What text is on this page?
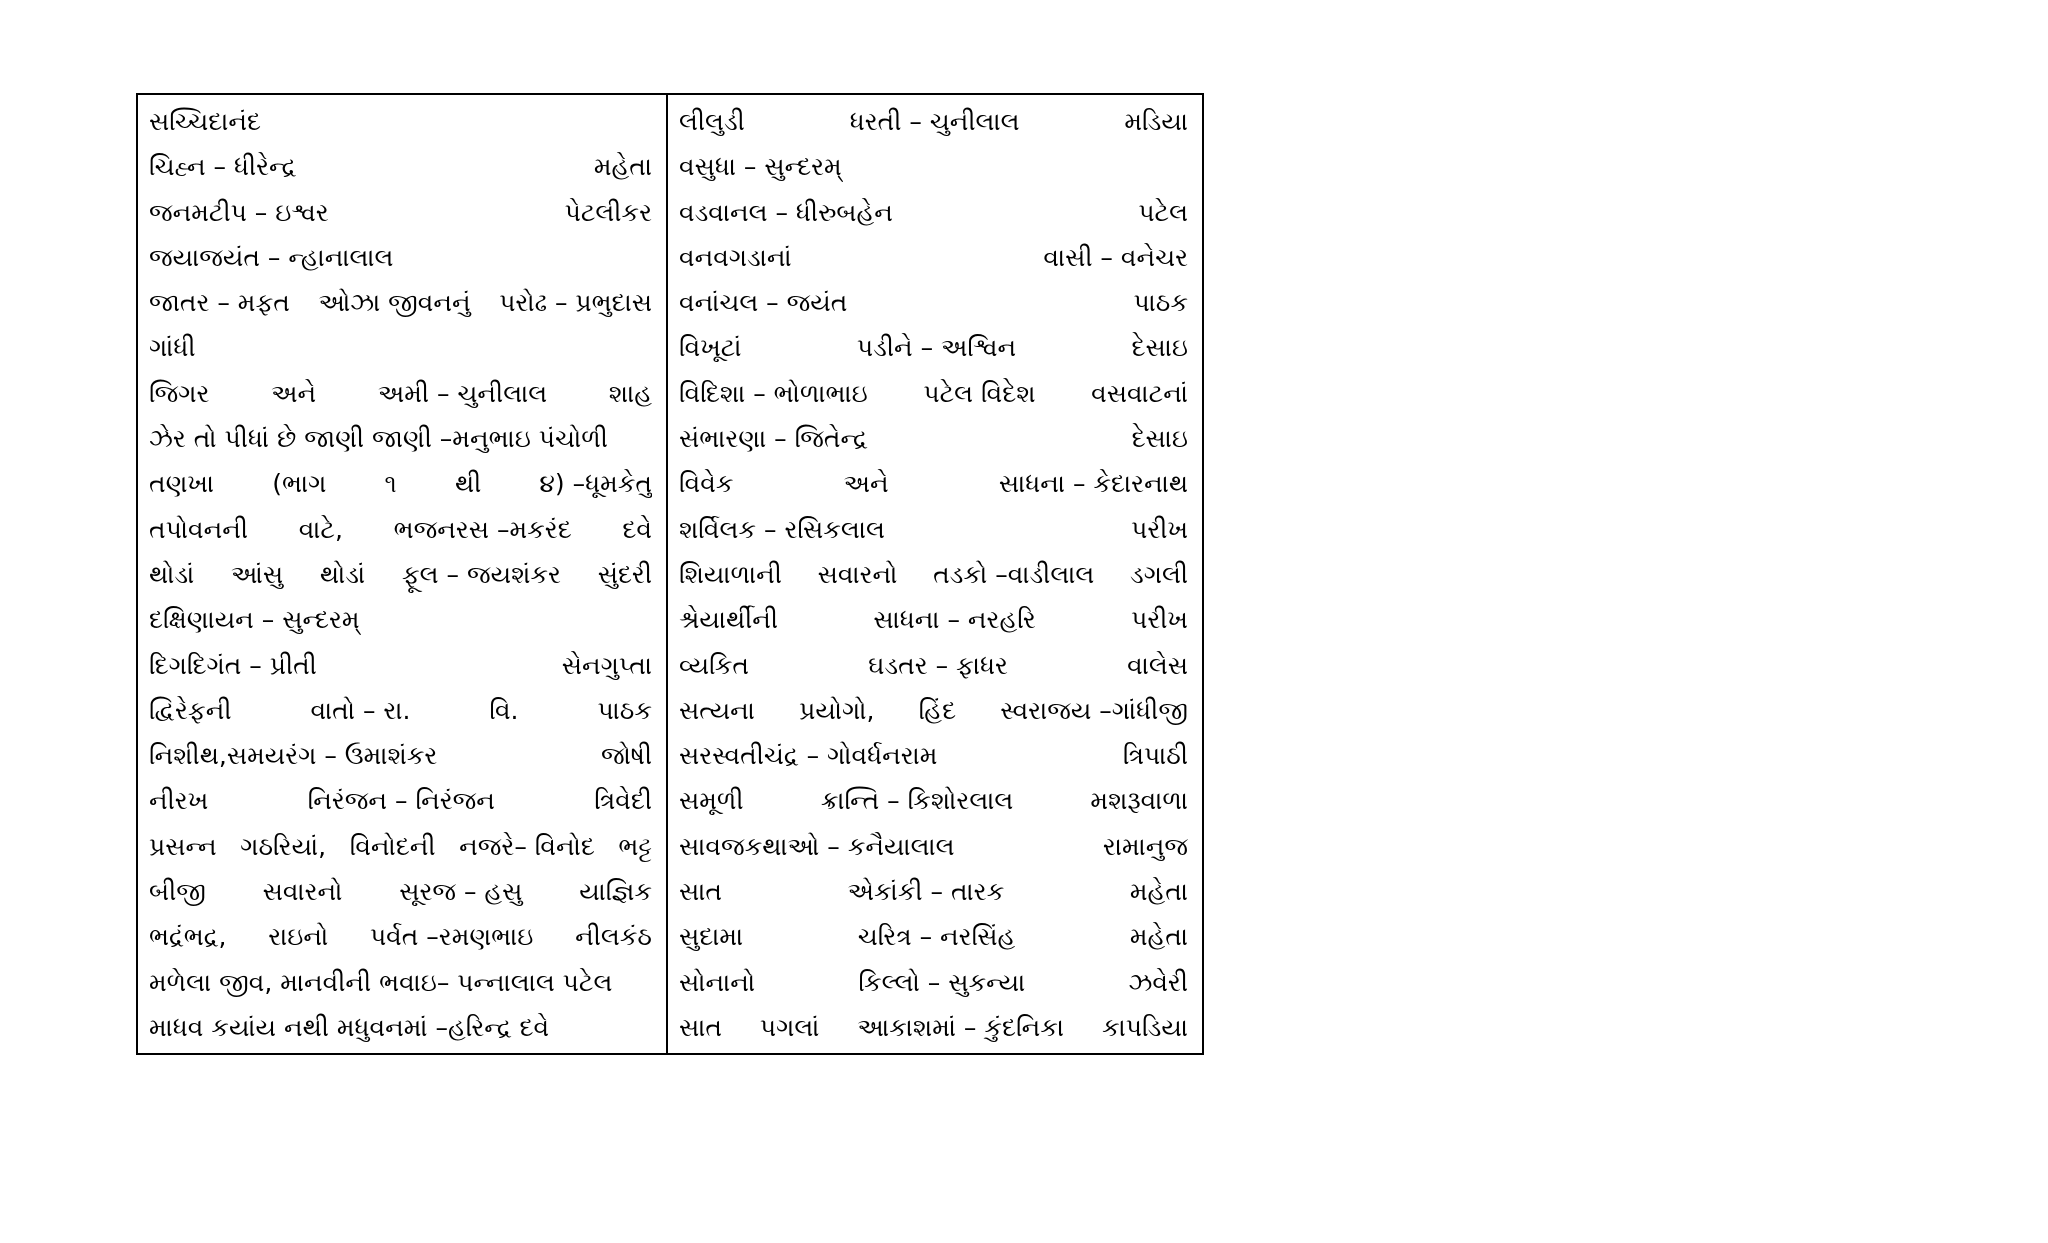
સચ્ચિદાનંદ
ચિહ્‍ન – ધીરેન્દ્ર	મહેતા
જનમટીપ – ઇશ્વર	પેટલીકર
જયાજયંત – ન્હાનાલાલ
જાતર – મફત ઓઝા જીવનનું પરોઢ – પ્રભુદાસ
ગાંધી
જિગર અને અમી – ચુનીલાલ શાહ
ઝેર તો પીધાં છે જાણી જાણી –મનુભાઇ પંચોળી
તણખા (ભાગ ૧ થી ૪) –ધૂમકેતુ
તપોવનની વાટે, ભજનરસ –મકરંદ દવે
થોડાં આંસુ થોડાં ફૂલ – જયશંકર સુંદરી
દક્ષિણાયન – સુન્દરમ્
દિગદિગંત – પ્રીતી	સેનગુપ્તા
દ્વિરેફની	વાતો – રા.	વિ.	પાઠક
નિશીથ,સમયરંગ – ઉમાશંકર	જોષી
નીરખ	નિરંજન – નિરંજન	ત્રિવેદી
પ્રસન્ન ગઠરિયાં, વિનોદની નજરે– વિનોદ ભટ્ટ
બીજી સવારનો સૂરજ – હસુ યાજ્ઞિક
ભદ્રંભદ્ર, રાઇનો પર્વત –રમણભાઇ નીલકંઠ
મળેલા જીવ, માનવીની ભવાઇ– પન્નાલાલ પટેલ
માધવ કયાંય નથી મધુવનમાં –હરિન્દ્ર દવે
લીલુડી	ધરતી – ચુનીલાલ	મડિયા
વસુધા – સુન્દરમ્
વડવાનલ – ધીરુબહેન	પટેલ
વનવગડાનાં	વાસી – વનેચર
વનાંચલ – જયંત	પાઠક
વિખૂટાં	પડીને – અશ્વિન	દેસાઇ
વિદિશા – ભોળાભાઇ પટેલ વિદેશ વસવાટનાં
સંભારણા – જિતેન્દ્ર	દેસાઇ
વિવેક	અને	સાધના – કેદારનાથ
શર્વિલક – રસિકલાલ	પરીખ
શિયાળાની સવારનો તડકો –વાડીલાલ ડગલી
શ્રેયાર્થીની	સાધના – નરહરિ	પરીખ
વ્યકિત	ઘડતર – ફાધર	વાલેસ
સત્યના પ્રયોગો, હિંદ સ્વરાજય –ગાંધીજી
સરસ્વતીચંદ્ર – ગોવર્ધનરામ	ત્રિપાઠી
સમૂળી	ક્રાન્તિ – કિશોરલાલ	મશરૂવાળા
સાવજકથાઓ – કનૈયાલાલ	રામાનુજ
સાત	એકાંકી – તારક	મહેતા
સુદામા	ચરિત્ર – નરસિંહ	મહેતા
સોનાનો	કિલ્લો – સુકન્યા	ઝવેરી
સાત પગલાં આકાશમાં – કુંદનિકા કાપડિયા
